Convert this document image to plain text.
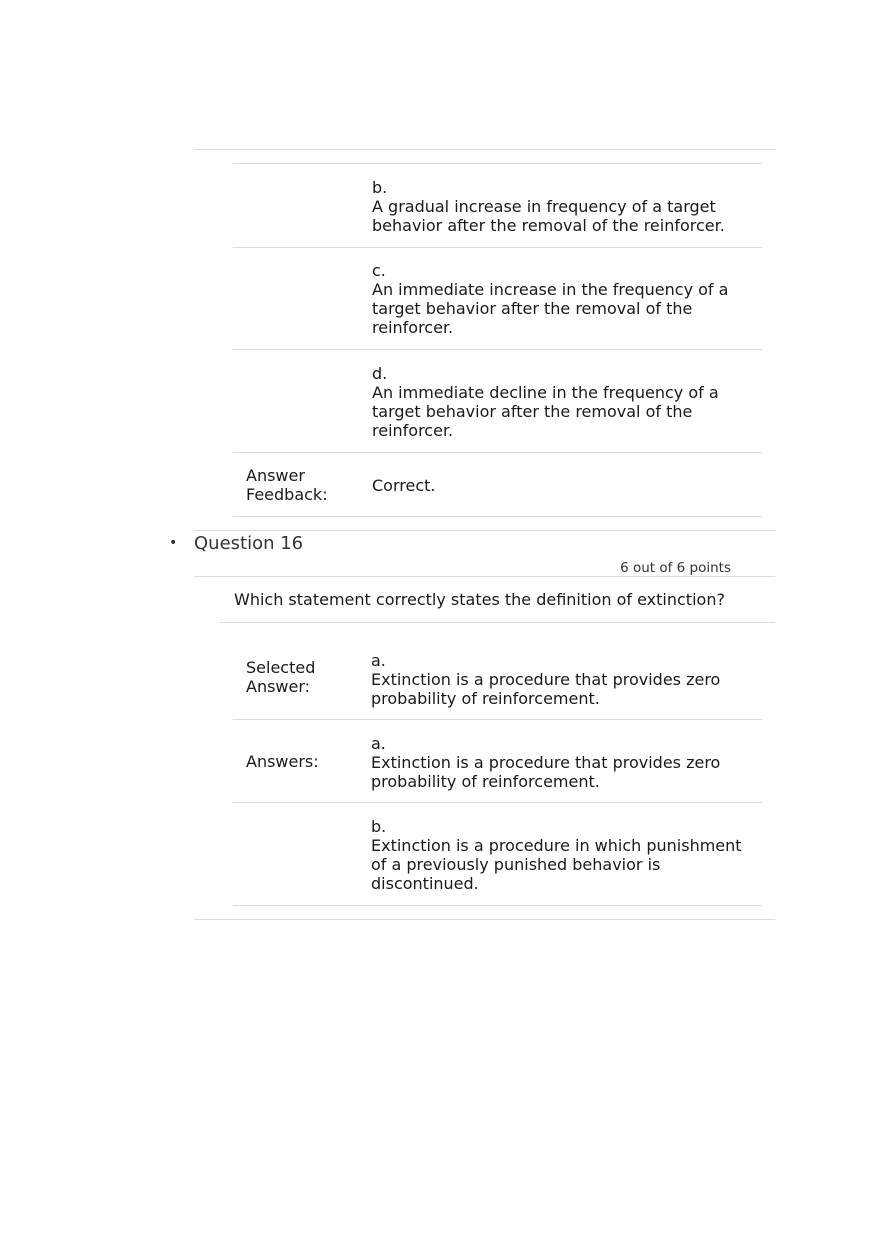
b.
A gradual increase in frequency of a target behavior after the removal of the reinforcer.
c.
An immediate increase in the frequency of a target behavior after the removal of the reinforcer.
d.
An immediate decline in the frequency of a target behavior after the removal of the reinforcer.
Answer Feedback:	Correct.
• Question 16
6 out of 6 points
Which statement correctly states the definition of extinction?
Selected Answer:
a.
Extinction is a procedure that provides zero probability of reinforcement.
Answers:
a.
Extinction is a procedure that provides zero probability of reinforcement.
b.
Extinction is a procedure in which punishment of a previously punished behavior is discontinued.
